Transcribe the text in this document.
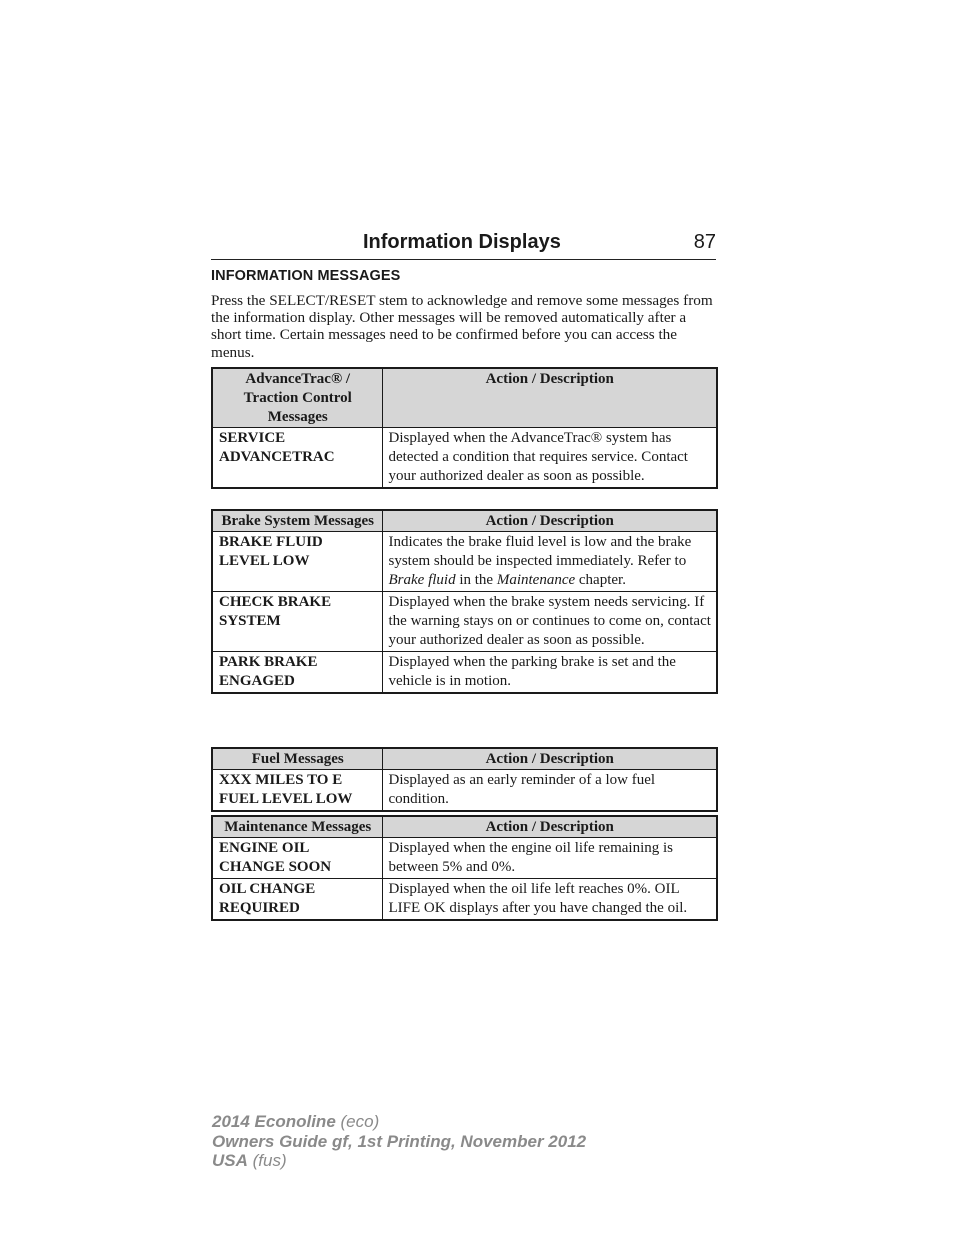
Information Displays	87
INFORMATION MESSAGES
Press the SELECT/RESET stem to acknowledge and remove some messages from the information display. Other messages will be removed automatically after a short time. Certain messages need to be confirmed before you can access the menus.
AdvanceTrac® / Traction Control Messages	Action / Description
SERVICE ADVANCETRAC	Displayed when the AdvanceTrac® system has detected a condition that requires service. Contact your authorized dealer as soon as possible.
Brake System Messages	Action / Description
BRAKE FLUID LEVEL LOW	Indicates the brake fluid level is low and the brake system should be inspected immediately. Refer to Brake fluid in the Maintenance chapter.
CHECK BRAKE SYSTEM	Displayed when the brake system needs servicing. If the warning stays on or continues to come on, contact your authorized dealer as soon as possible.
PARK BRAKE ENGAGED	Displayed when the parking brake is set and the vehicle is in motion.
Fuel Messages	Action / Description
XXX MILES TO E FUEL LEVEL LOW	Displayed as an early reminder of a low fuel condition.
Maintenance Messages	Action / Description
ENGINE OIL CHANGE SOON	Displayed when the engine oil life remaining is between 5% and 0%.
OIL CHANGE REQUIRED	Displayed when the oil life left reaches 0%. OIL LIFE OK displays after you have changed the oil.
2014 Econoline (eco)
Owners Guide gf, 1st Printing, November 2012
USA (fus)
